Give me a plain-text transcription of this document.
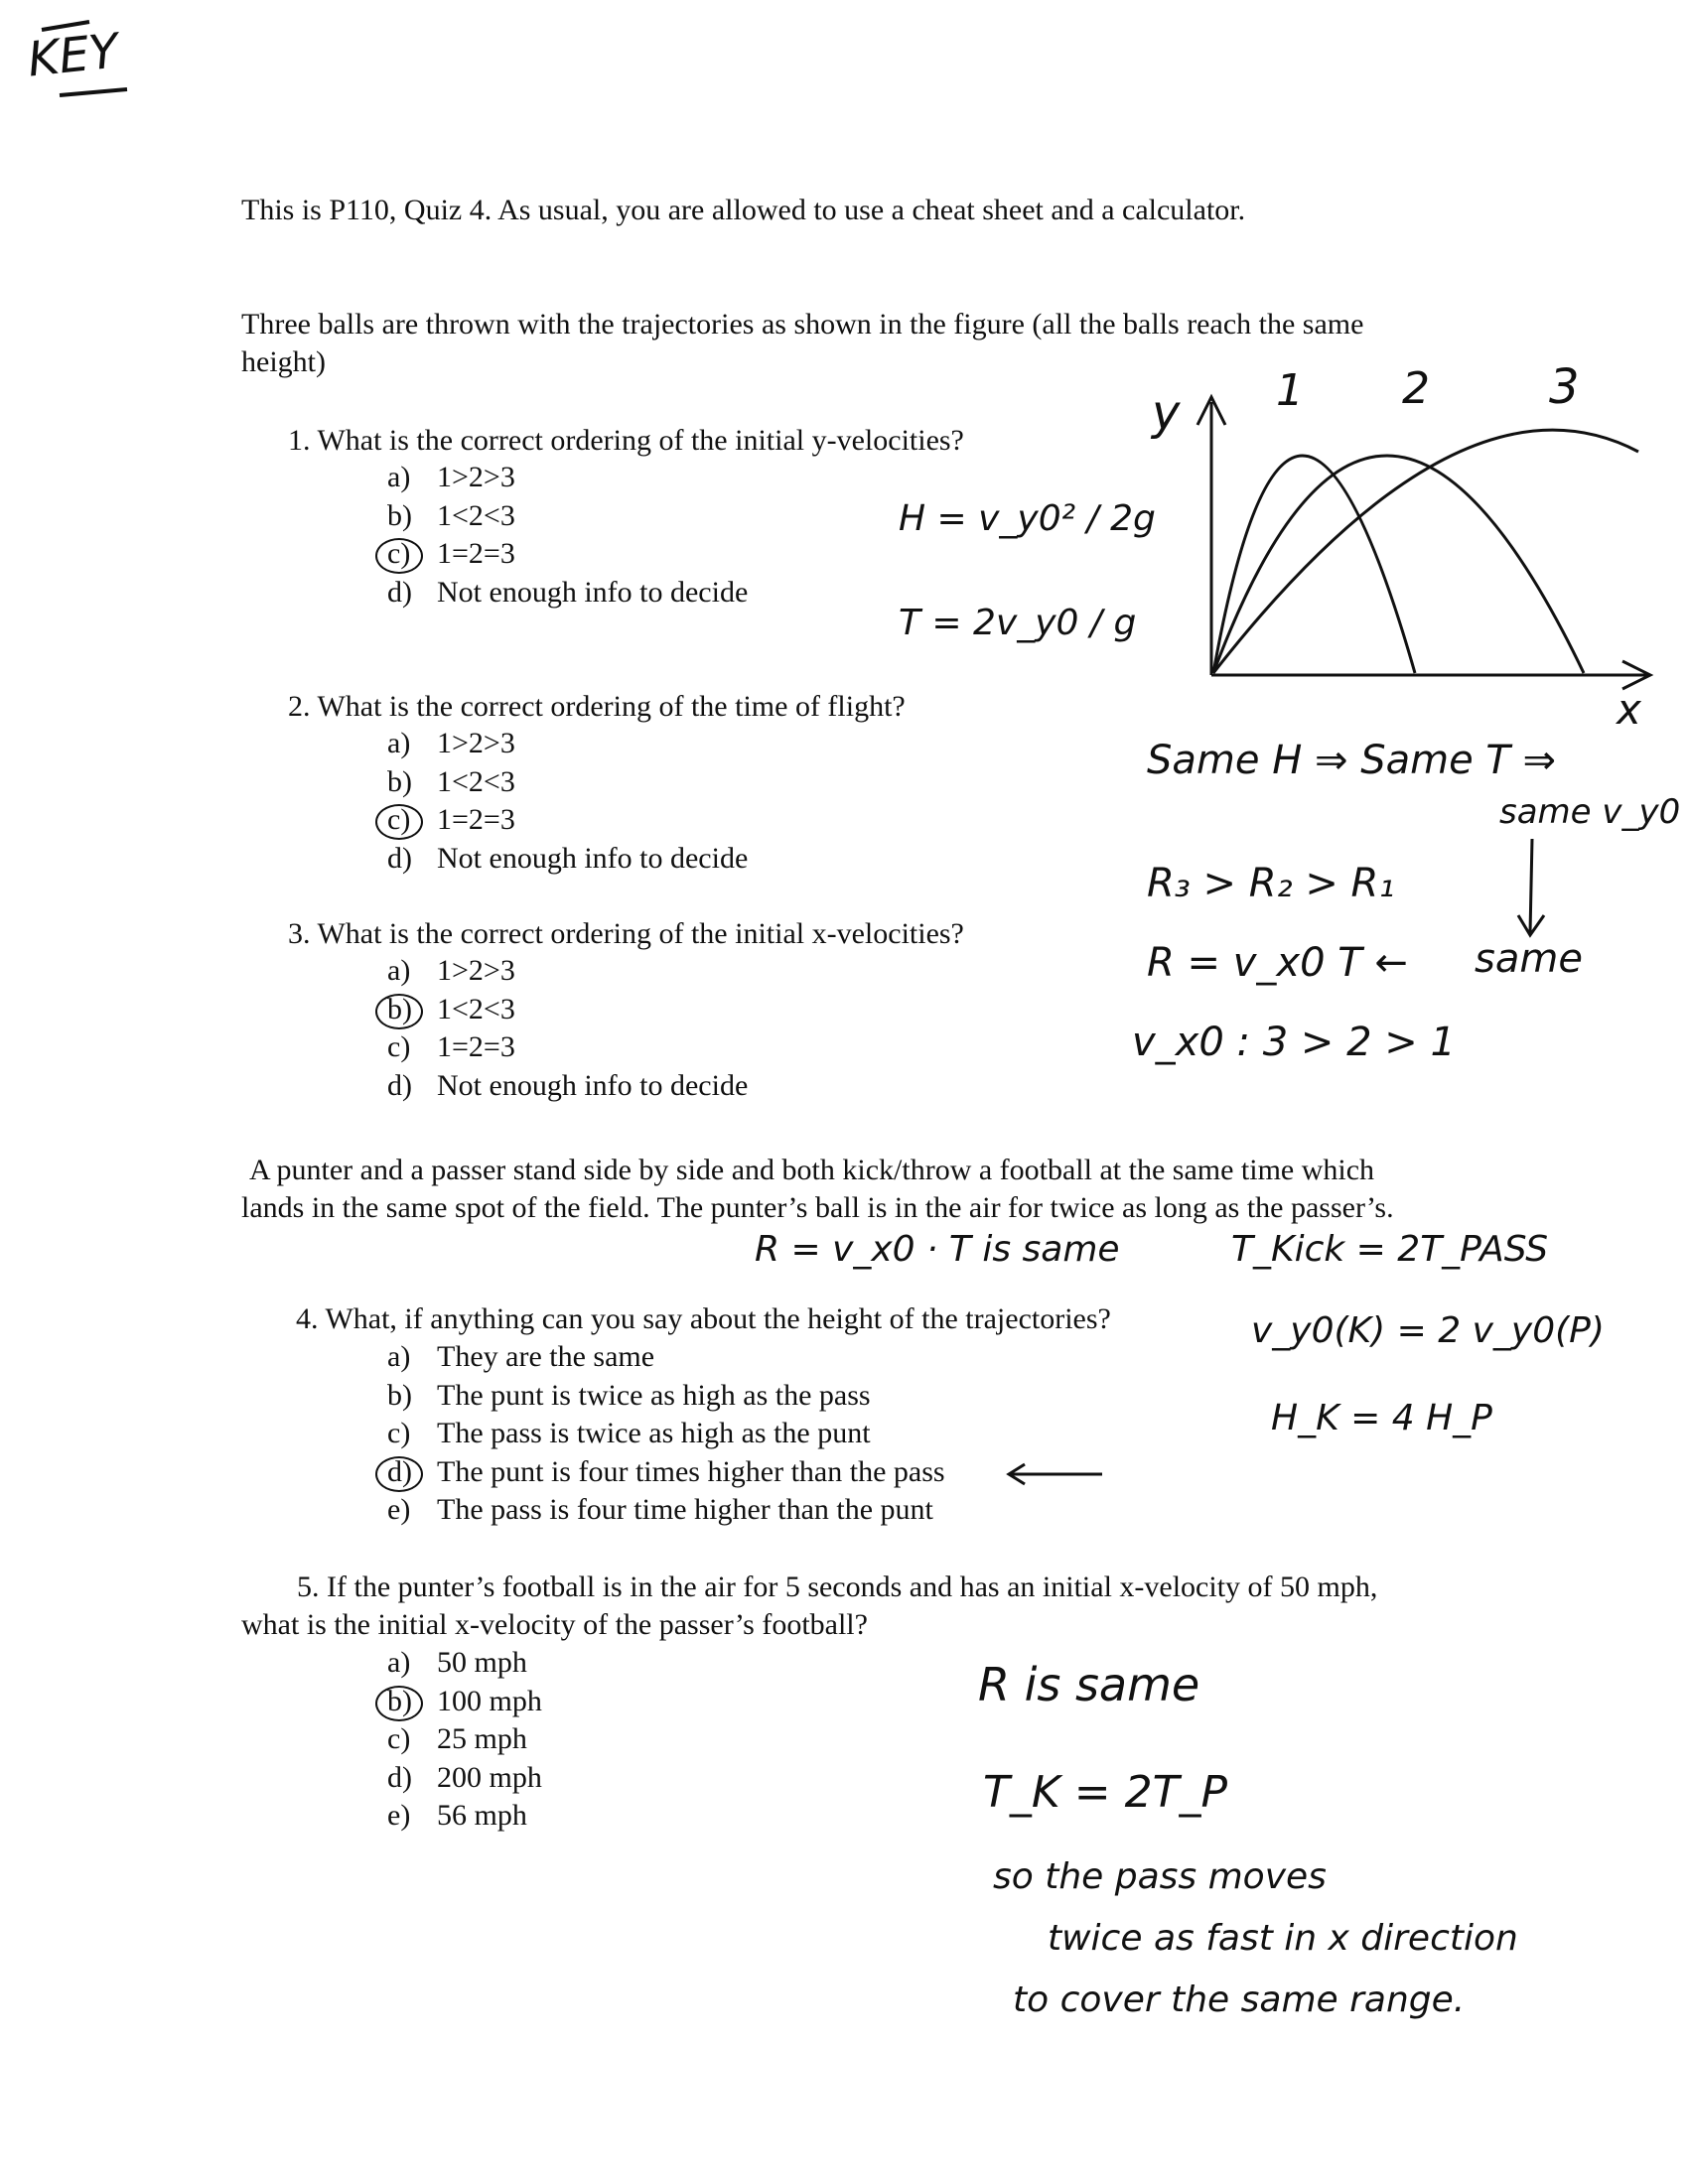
KEY
This is P110, Quiz 4. As usual, you are allowed to use a cheat sheet and a calculator.
Three balls are thrown with the trajectories as shown in the figure (all the balls reach the same height)
1. What is the correct ordering of the initial y-velocities?
a) 1>2>3
b) 1<2<3
c) 1=2=3
d) Not enough info to decide
2. What is the correct ordering of the time of flight?
a) 1>2>3
b) 1<2<3
c) 1=2=3
d) Not enough info to decide
3. What is the correct ordering of the initial x-velocities?
a) 1>2>3
b) 1<2<3
c) 1=2=3
d) Not enough info to decide
A punter and a passer stand side by side and both kick/throw a football at the same time which lands in the same spot of the field. The punter’s ball is in the air for twice as long as the passer’s.
4. What, if anything can you say about the height of the trajectories?
a) They are the same
b) The punt is twice as high as the pass
c) The pass is twice as high as the punt
d) The punt is four times higher than the pass
e) The pass is four time higher than the punt
5. If the punter’s football is in the air for 5 seconds and has an initial x-velocity of 50 mph, what is the initial x-velocity of the passer’s football?
a) 50 mph
b) 100 mph
c) 25 mph
d) 200 mph
e) 56 mph
y
x
1 2	3
H = v_y0² / 2g
T = 2v_y0 / g
Same H ⇒ Same T ⇒
same v_y0
R₃ > R₂ > R₁
R = v_x0 T ← same
v_x0 : 3 > 2 > 1
R = v_x0 · T is same	T_Kick = 2T_PASS
v_y0(K) = 2 v_y0(P)
H_K = 4 H_P
R is same
T_K = 2T_P
so the pass moves
twice as fast in x direction
to cover the same range.
